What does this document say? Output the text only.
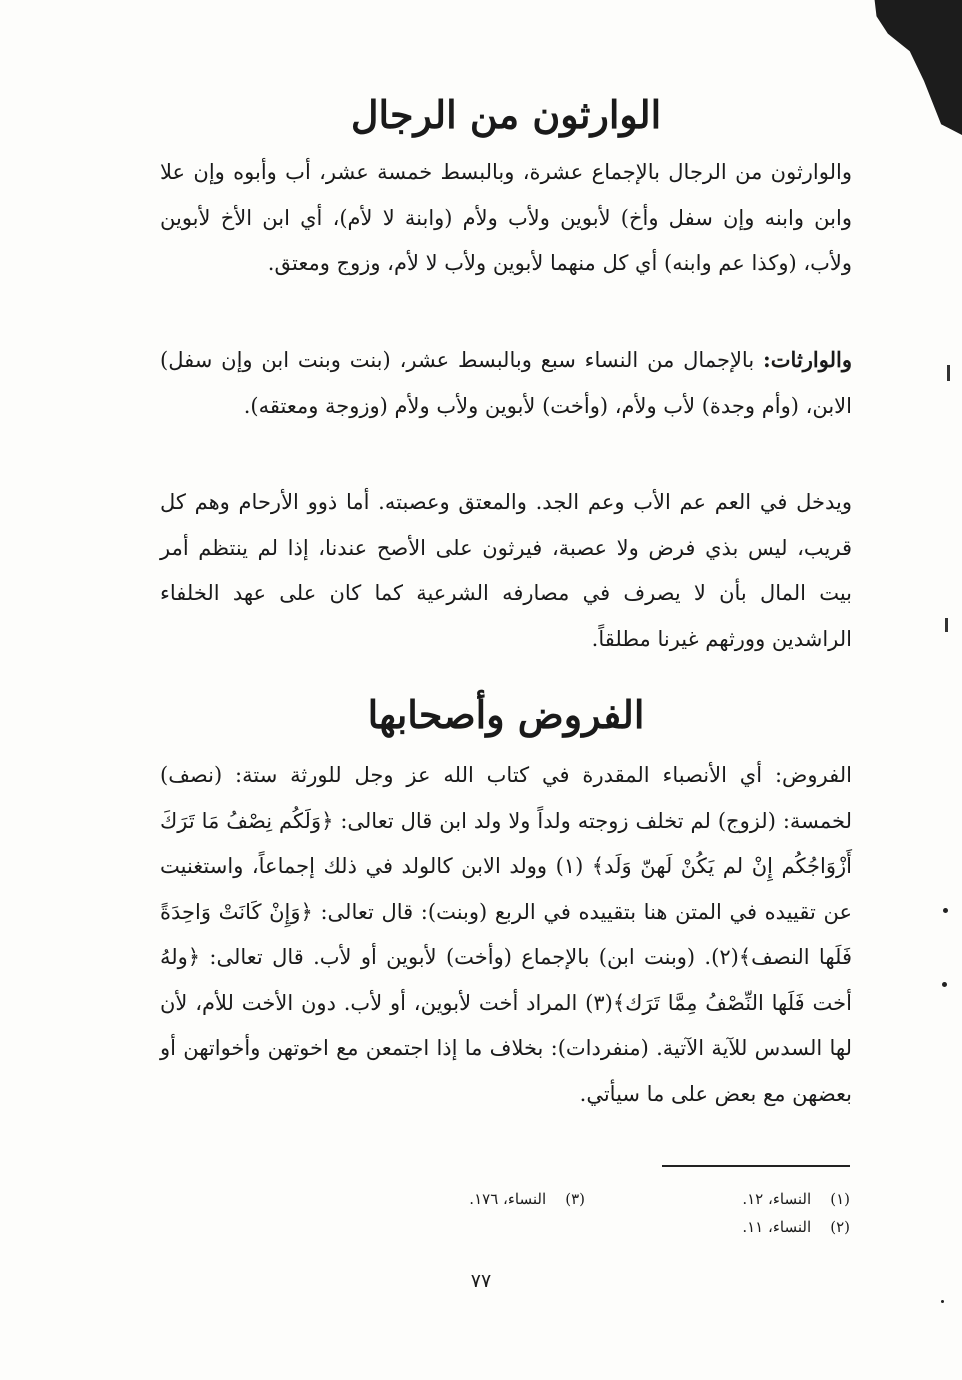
الوارثون من الرجال

والوارثون من الرجال بالإجماع عشرة، وبالبسط خمسة عشر، أب وأبوه وإن علا وابن وابنه وإن سفل وأخ) لأبوين ولأب ولأم (وابنة لا لأم)، أي ابن الأخ لأبوين ولأب، (وكذا عم وابنه) أي كل منهما لأبوين ولأب لا لأم، وزوج ومعتق.

والوارثات: بالإجمال من النساء سبع وبالبسط عشر، (بنت وبنت ابن وإن سفل) الابن، (وأم وجدة) لأب ولأم، (وأخت) لأبوين ولأب ولأم (وزوجة ومعتقه).

ويدخل في العم عم الأب وعم الجد. والمعتق وعصبته. أما ذوو الأرحام وهم كل قريب، ليس بذي فرض ولا عصبة، فيرثون على الأصح عندنا، إذا لم ينتظم أمر بيت المال بأن لا يصرف في مصارفه الشرعية كما كان على عهد الخلفاء الراشدين وورثهم غيرنا مطلقاً.

الفروض وأصحابها

الفروض: أي الأنصباء المقدرة في كتاب الله عز وجل للورثة ستة: (نصف) لخمسة: (لزوج) لم تخلف زوجته ولداً ولا ولد ابن قال تعالى: ﴿وَلَكُم نِصْفُ مَا تَرَكَ أَزْوَاجُكُم إِنْ لم يَكُنْ لَهنّ وَلَد﴾ (١) وولد الابن كالولد في ذلك إجماعاً، واستغنيت عن تقييده في المتن هنا بتقييده في الربع (وبنت): قال تعالى: ﴿وَإِنْ كَانَتْ وَاحِدَةً فَلَها النصف﴾(٢). (وبنت ابن) بالإجماع (وأخت) لأبوين أو لأب. قال تعالى: ﴿ولهُ أخت فَلَها النِّصْفُ مِمَّا تَرَك﴾(٣) المراد أخت لأبوين، أو لأب. دون الأخت للأم، لأن لها السدس للآية الآتية. (منفردات): بخلاف ما إذا اجتمعن مع اخوتهن وأخواتهن أو بعضهن مع بعض على ما سيأتي.

(١)    النساء، ١٢.
(٣)    النساء، ١٧٦.
(٢)    النساء، ١١.

٧٧
